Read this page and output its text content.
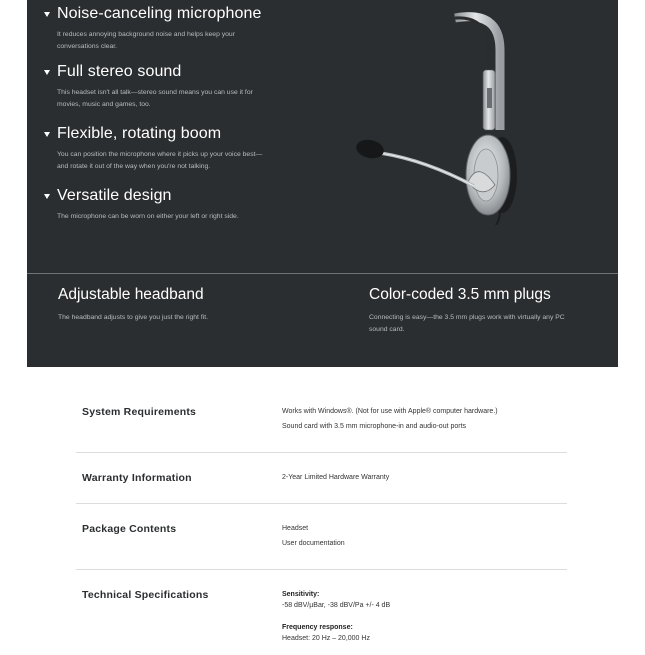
Noise-canceling microphone
It reduces annoying background noise and helps keep your conversations clear.
Full stereo sound
This headset isn't all talk—stereo sound means you can use it for movies, music and games, too.
Flexible, rotating boom
You can position the microphone where it picks up your voice best—and rotate it out of the way when you're not talking.
Versatile design
The microphone can be worn on either your left or right side.
Adjustable headband
The headband adjusts to give you just the right fit.
Color-coded 3.5 mm plugs
Connecting is easy—the 3.5 mm plugs work with virtually any PC sound card.
System Requirements	Works with Windows®. (Not for use with Apple® computer hardware.)
Sound card with 3.5 mm microphone-in and audio-out ports
Warranty Information	2-Year Limited Hardware Warranty
Package Contents	Headset
User documentation
Technical Specifications	Sensitivity:
-58 dBV/µBar, -38 dBV/Pa +/- 4 dB
Frequency response:
Headset: 20 Hz – 20,000 Hz
